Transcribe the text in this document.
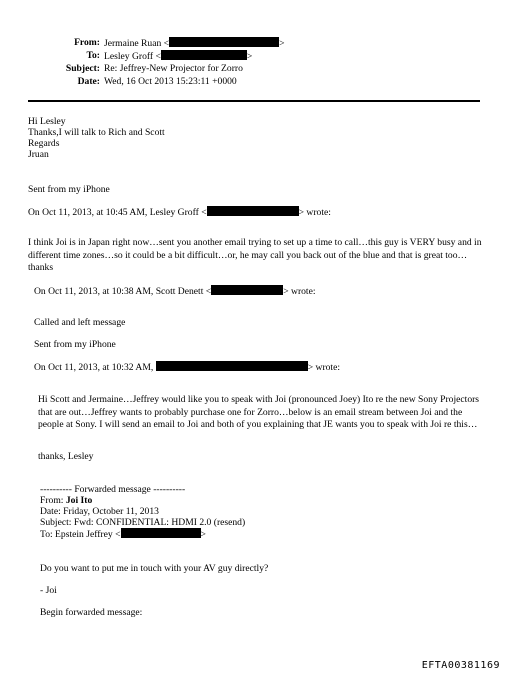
From: Jermaine Ruan <	>
To: Lesley Groff <	>
Subject: Re: Jeffrey-New Projector for Zorro
Date: Wed, 16 Oct 2013 15:23:11 +0000
Hi Lesley
Thanks,I will talk to Rich and Scott
Regards
Jruan
Sent from my iPhone
On Oct 11, 2013, at 10:45 AM, Lesley Groff <	> wrote:
I think Joi is in Japan right now…sent you another email trying to set up a time to call…this guy is VERY busy and in different time zones…so it could be a bit difficult…or, he may call you back out of the blue and that is great too…thanks
On Oct 11, 2013, at 10:38 AM, Scott Denett <	> wrote:
Called and left message
Sent from my iPhone
On Oct 11, 2013, at 10:32 AM,	> wrote:
Hi Scott and Jermaine…Jeffrey would like you to speak with Joi (pronounced Joey) Ito re the new Sony Projectors that are out…Jeffrey wants to probably purchase one for Zorro…below is an email stream between Joi and the people at Sony. I will send an email to Joi and both of you explaining that JE wants you to speak with Joi re this…
thanks, Lesley
---------- Forwarded message ----------
From: Joi Ito
Date: Friday, October 11, 2013
Subject: Fwd: CONFIDENTIAL: HDMI 2.0 (resend)
To: Epstein Jeffrey <	>
Do you want to put me in touch with your AV guy directly?
- Joi
Begin forwarded message:
EFTA00381169
